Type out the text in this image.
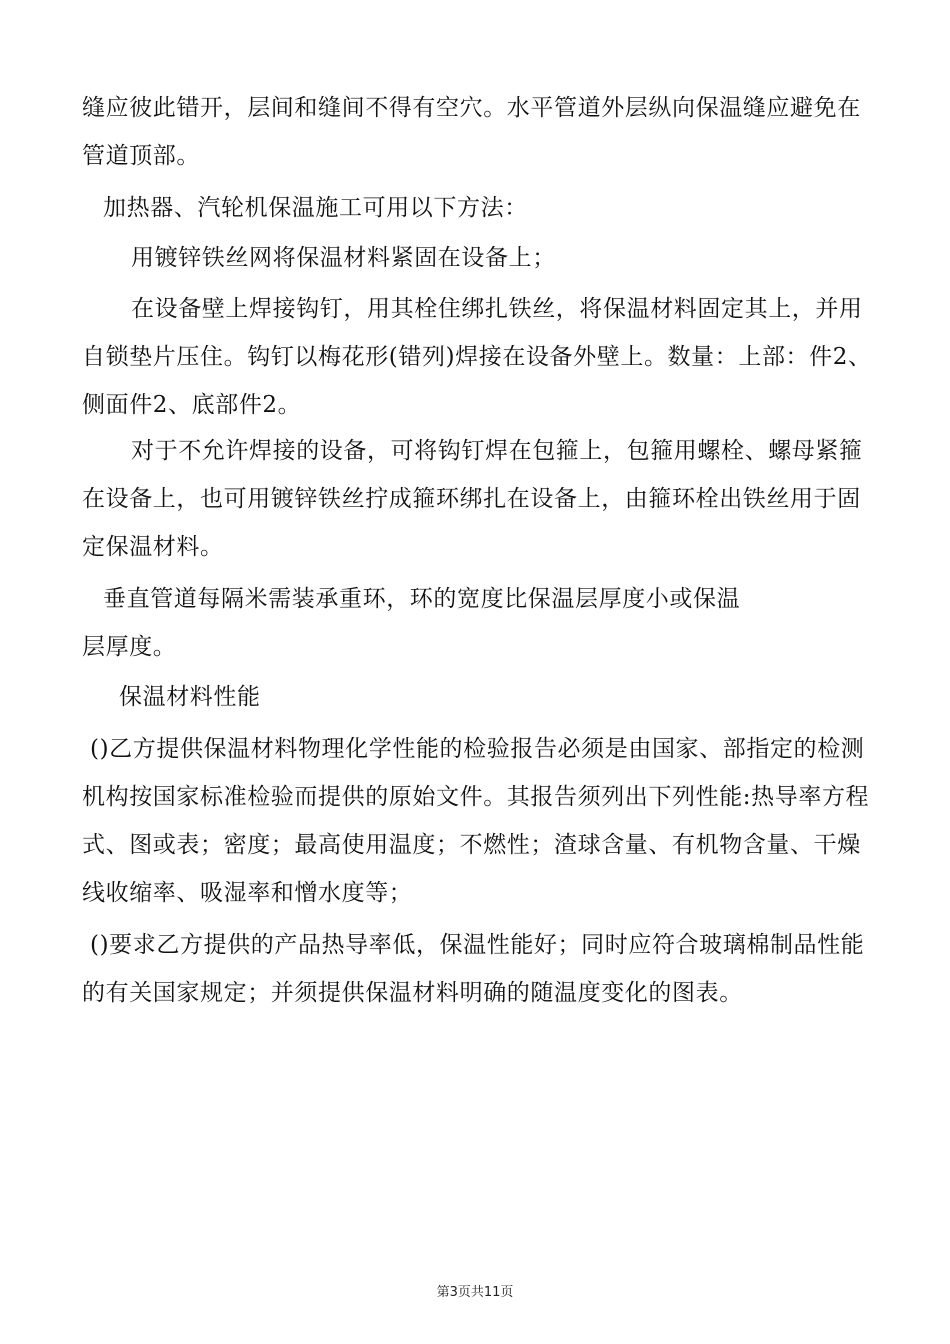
缝应彼此错开，层间和缝间不得有空穴。水平管道外层纵向保温缝应避免在
管道顶部。
加热器、汽轮机保温施工可用以下方法：
用镀锌铁丝网将保温材料紧固在设备上；
在设备壁上焊接钩钉，用其栓住绑扎铁丝，将保温材料固定其上，并用
自锁垫片压住。钩钉以梅花形(错列)焊接在设备外壁上。数量：上部：件2、
侧面件2、底部件2。
对于不允许焊接的设备，可将钩钉焊在包箍上，包箍用螺栓、螺母紧箍
在设备上，也可用镀锌铁丝拧成箍环绑扎在设备上，由箍环栓出铁丝用于固
定保温材料。
垂直管道每隔米需装承重环，环的宽度比保温层厚度小或保温
层厚度。
保温材料性能
()乙方提供保温材料物理化学性能的检验报告必须是由国家、部指定的检测
机构按国家标准检验而提供的原始文件。其报告须列出下列性能:热导率方程
式、图或表；密度；最高使用温度；不燃性；渣球含量、有机物含量、干燥
线收缩率、吸湿率和憎水度等；
()要求乙方提供的产品热导率低，保温性能好；同时应符合玻璃棉制品性能
的有关国家规定；并须提供保温材料明确的随温度变化的图表。
第3页共11页
